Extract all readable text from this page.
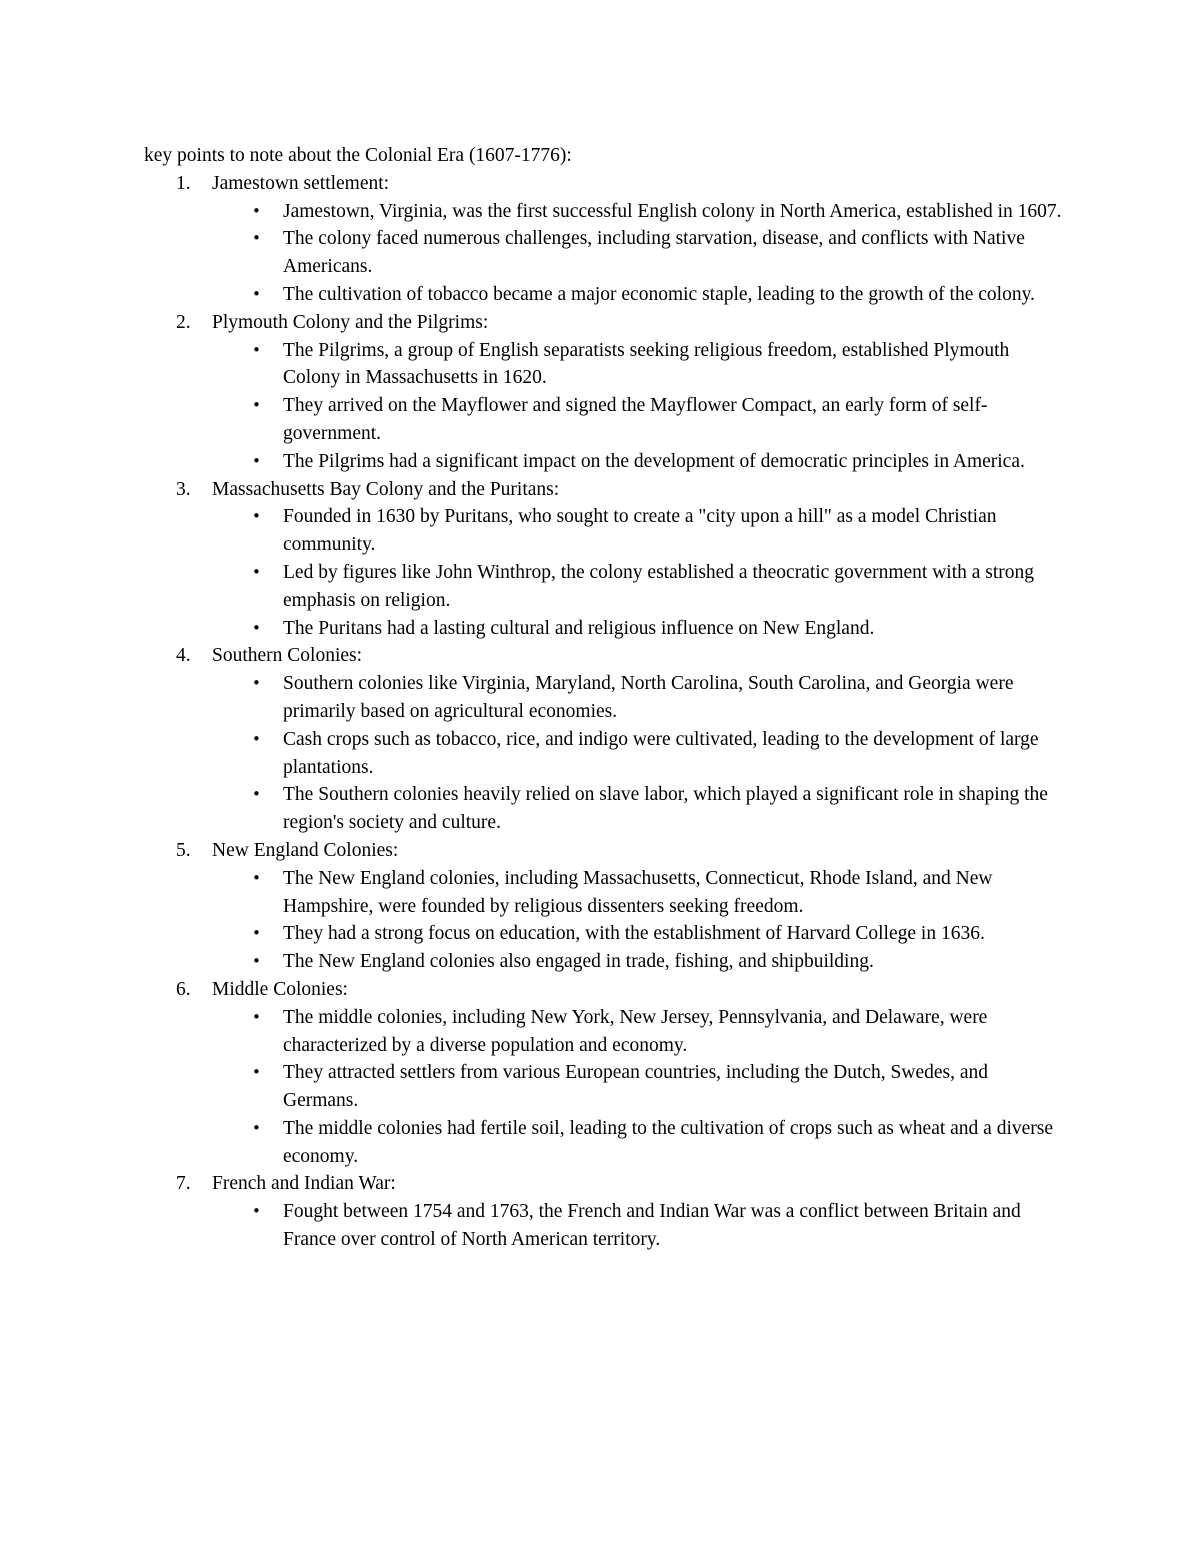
key points to note about the Colonial Era (1607-1776):

1. Jamestown settlement:
• Jamestown, Virginia, was the first successful English colony in North America, established in 1607.
• The colony faced numerous challenges, including starvation, disease, and conflicts with Native Americans.
• The cultivation of tobacco became a major economic staple, leading to the growth of the colony.
2. Plymouth Colony and the Pilgrims:
• The Pilgrims, a group of English separatists seeking religious freedom, established Plymouth Colony in Massachusetts in 1620.
• They arrived on the Mayflower and signed the Mayflower Compact, an early form of self-government.
• The Pilgrims had a significant impact on the development of democratic principles in America.
3. Massachusetts Bay Colony and the Puritans:
• Founded in 1630 by Puritans, who sought to create a "city upon a hill" as a model Christian community.
• Led by figures like John Winthrop, the colony established a theocratic government with a strong emphasis on religion.
• The Puritans had a lasting cultural and religious influence on New England.
4. Southern Colonies:
• Southern colonies like Virginia, Maryland, North Carolina, South Carolina, and Georgia were primarily based on agricultural economies.
• Cash crops such as tobacco, rice, and indigo were cultivated, leading to the development of large plantations.
• The Southern colonies heavily relied on slave labor, which played a significant role in shaping the region's society and culture.
5. New England Colonies:
• The New England colonies, including Massachusetts, Connecticut, Rhode Island, and New Hampshire, were founded by religious dissenters seeking freedom.
• They had a strong focus on education, with the establishment of Harvard College in 1636.
• The New England colonies also engaged in trade, fishing, and shipbuilding.
6. Middle Colonies:
• The middle colonies, including New York, New Jersey, Pennsylvania, and Delaware, were characterized by a diverse population and economy.
• They attracted settlers from various European countries, including the Dutch, Swedes, and Germans.
• The middle colonies had fertile soil, leading to the cultivation of crops such as wheat and a diverse economy.
7. French and Indian War:
• Fought between 1754 and 1763, the French and Indian War was a conflict between Britain and France over control of North American territory.
